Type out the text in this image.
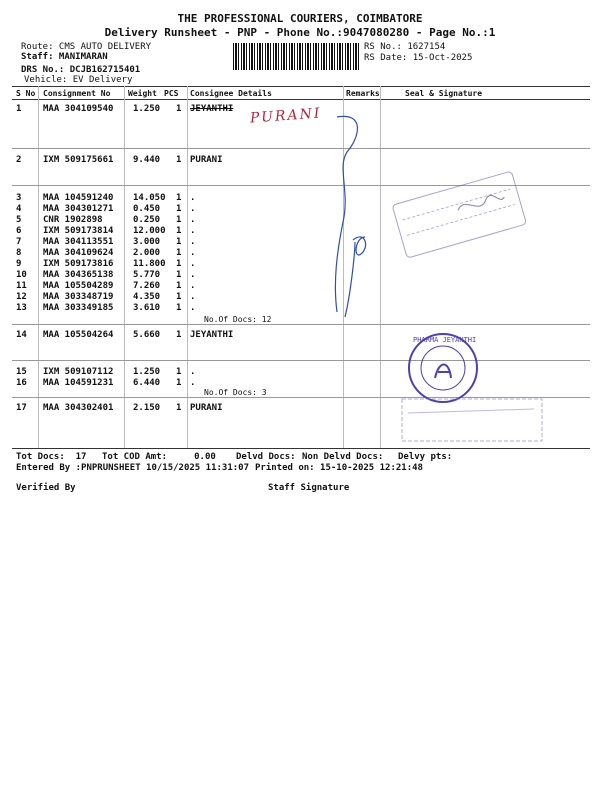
THE PROFESSIONAL COURIERS, COIMBATORE
Delivery Runsheet - PNP - Phone No.:9047080280 - Page No.:1
Route: CMS AUTO DELIVERY
Staff: MANIMARAN
DRS No.: DCJB162715401
Vehicle: EV Delivery
RS No.: 1627154
RS Date: 15-Oct-2025
S No Consignment No Weight PCS Consignee Details	Remarks	Seal & Signature
1 MAA 304109540 1.250 1 JEYANTHI
2 IXM 509175661 9.440 1 PURANI
3 MAA 104591240 14.050 1 .
4 MAA 304301271 0.450 1 .
5 CNR 1902898	0.250 1 .
6 IXM 509173814 12.000 1 .
7 MAA 304113551 3.000 1 .
8 MAA 304109624 2.000 1 .
9 IXM 509173816 11.800 1 .
10 MAA 304365138 5.770 1 .
11 MAA 105504289 7.260 1 .
12 MAA 303348719 4.350 1 .
13 MAA 303349185 3.610 1 .
No.Of Docs: 12
14 MAA 105504264 5.660 1 JEYANTHI
15 IXM 509107112 1.250 1 .
16 MAA 104591231 6.440 1 .
No.Of Docs: 3
17 MAA 304302401 2.150 1 PURANI
PURANI
PHARMA JEYANTHI
Tot Docs:  17 Tot COD Amt:     0.00 Delvd Docs: Non Delvd Docs: Delvy pts:
Entered By :PNPRUNSHEET 10/15/2025 11:31:07 Printed on: 15-10-2025 12:21:48
Verified By	Staff Signature
